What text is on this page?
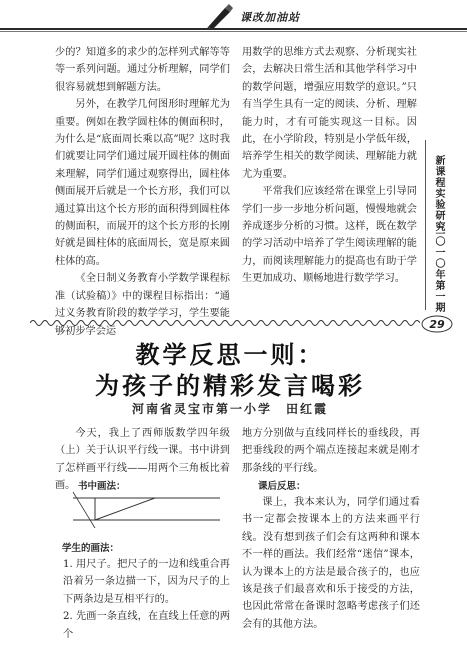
课改加油站

少的？知道多的求少的怎样列式解等等等一系列问题。通过分析理解，同学们很容易就想到解题方法。

另外，在教学几何图形时理解尤为重要。例如在教学圆柱体的侧面积时，为什么是“底面周长乘以高”呢？这时我们就要让同学们通过展开圆柱体的侧面来理解，同学们通过观察得出，圆柱体侧面展开后就是一个长方形，我们可以通过算出这个长方形的面积得到圆柱体的侧面积，而展开的这个长方形的长刚好就是圆柱体的底面周长，宽是原来圆柱体的高。

《全日制义务教育小学数学课程标准（试验稿）》中的课程目标指出：“通过义务教育阶段的数学学习，学生要能够初步学会运

用数学的思维方式去观察、分析现实社会，去解决日常生活和其他学科学习中的数学问题，增强应用数学的意识。”只有当学生具有一定的阅读、分析、理解能力时，才有可能实现这一目标。因此，在小学阶段，特别是小学低年级，培养学生相关的数学阅读、理解能力就尤为重要。

平常我们应该经常在课堂上引导同学们一步一步地分析问题，慢慢地就会养成逐步分析的习惯。这样，既在数学的学习活动中培养了学生阅读理解的能力，而阅读理解能力的提高也有助于学生更加成功、顺畅地进行数学学习。

新课程实验研究
二〇一〇年第一期
29
教学反思一则：
为孩子的精彩发言喝彩
河南省灵宝市第一小学　田红霞

今天，我上了西师版数学四年级（上）关于认识平行线一课。书中讲到了怎样画平行线——用两个三角板比着画。 书中画法：
学生的画法：

1. 用尺子。把尺子的一边和线重合再沿着另一条边描一下，因为尺子的上下两条边是互相平行的。

2. 先画一条直线，在直线上任意的两个

地方分别做与直线同样长的垂线段，再把垂线段的两个端点连接起来就是刚才那条线的平行线。

课后反思：

课上，我本来认为，同学们通过看书一定都会按课本上的方法来画平行线。没有想到孩子们会有这两种和课本不一样的画法。我们经常“迷信”课本，认为课本上的方法是最合孩子的，也应该是孩子们最喜欢和乐于接受的方法，也因此常常在备课时忽略考虑孩子们还会有的其他方法。
